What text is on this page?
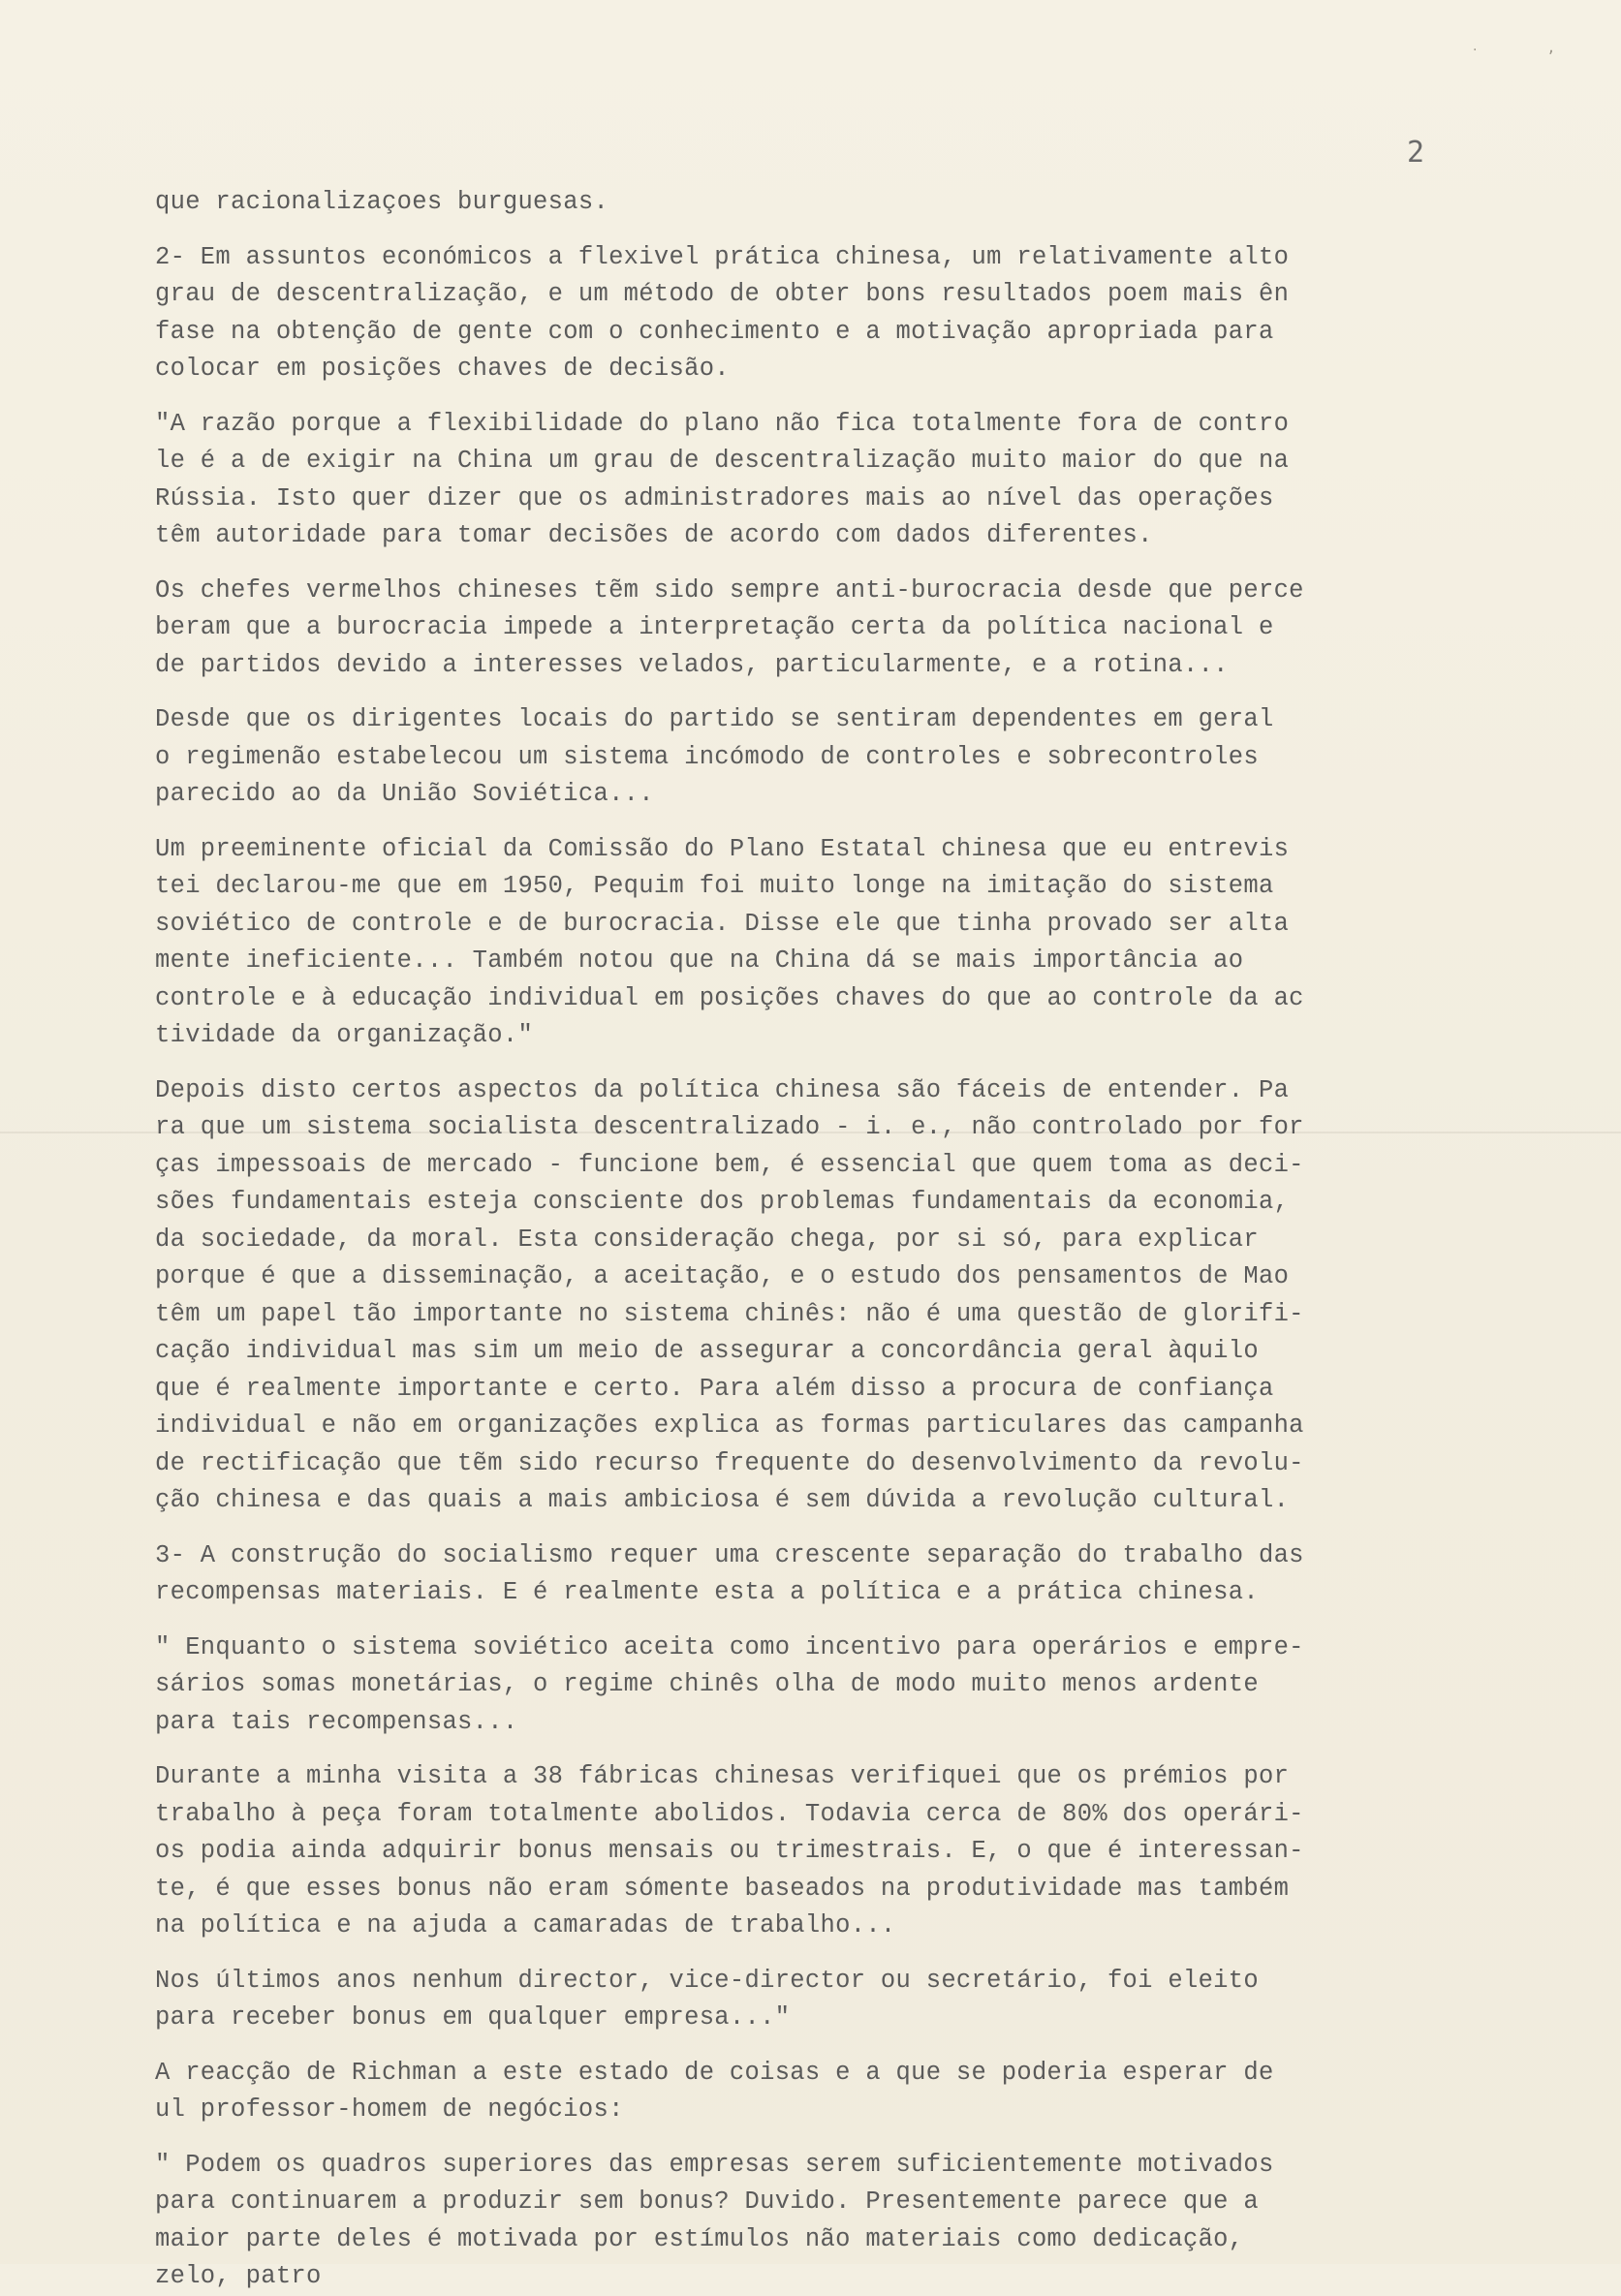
·	,
2
que racionalizaçoes burguesas.
2- Em assuntos económicos a flexivel prática chinesa, um relativamente alto
grau de descentralização, e um método de obter bons resultados poem mais ên
fase na obtenção de gente com o conhecimento e a motivação apropriada para
colocar em posições chaves de decisão.
"A razão porque a flexibilidade do plano não fica totalmente fora de contro
le é a de exigir na China um grau de descentralização muito maior do que na
Rússia. Isto quer dizer que os administradores mais ao nível das operações
têm autoridade para tomar decisões de acordo com dados diferentes.
Os chefes vermelhos chineses tẽm sido sempre anti-burocracia desde que perce
beram que a burocracia impede a interpretação certa da política nacional e
de partidos devido a interesses velados, particularmente, e a rotina...
Desde que os dirigentes locais do partido se sentiram dependentes em geral
o regimenão estabelecou um sistema incómodo de controles e sobrecontroles
parecido ao da União Soviética...
Um preeminente oficial da Comissão do Plano Estatal chinesa que eu entrevis
tei declarou-me que em 1950, Pequim foi muito longe na imitação do sistema
soviético de controle e de burocracia. Disse ele que tinha provado ser alta
mente ineficiente... Também notou que na China dá se mais importância ao
controle e à educação individual em posições chaves do que ao controle da ac
tividade da organização."
Depois disto certos aspectos da política chinesa são fáceis de entender. Pa
ra que um sistema socialista descentralizado - i. e., não controlado por for
ças impessoais de mercado - funcione bem, é essencial que quem toma as deci-
sões fundamentais esteja consciente dos problemas fundamentais da economia,
da sociedade, da moral. Esta consideração chega, por si só, para explicar
porque é que a disseminação, a aceitação, e o estudo dos pensamentos de Mao
têm um papel tão importante no sistema chinês: não é uma questão de glorifi-
cação individual mas sim um meio de assegurar a concordância geral àquilo
que é realmente importante e certo. Para além disso a procura de confiança
individual e não em organizações explica as formas particulares das campanha
de rectificação que tẽm sido recurso frequente do desenvolvimento da revolu-
ção chinesa e das quais a mais ambiciosa é sem dúvida a revolução cultural.
3- A construção do socialismo requer uma crescente separação do trabalho das
recompensas materiais. E é realmente esta a política e a prática chinesa.
" Enquanto o sistema soviético aceita como incentivo para operários e empre-
sários somas monetárias, o regime chinês olha de modo muito menos ardente
para tais recompensas...
Durante a minha visita a 38 fábricas chinesas verifiquei que os prémios por
trabalho à peça foram totalmente abolidos. Todavia cerca de 80% dos operári-
os podia ainda adquirir bonus mensais ou trimestrais. E, o que é interessan-
te, é que esses bonus não eram sómente baseados na produtividade mas também
na política e na ajuda a camaradas de trabalho...
Nos últimos anos nenhum director, vice-director ou secretário, foi eleito
para receber bonus em qualquer empresa..."
A reacção de Richman a este estado de coisas e a que se poderia esperar de
ul professor-homem de negócios:
" Podem os quadros superiores das empresas serem suficientemente motivados
para continuarem a produzir sem bonus? Duvido. Presentemente parece que a
maior parte deles é motivada por estímulos não materiais como dedicação,
zelo, patro
